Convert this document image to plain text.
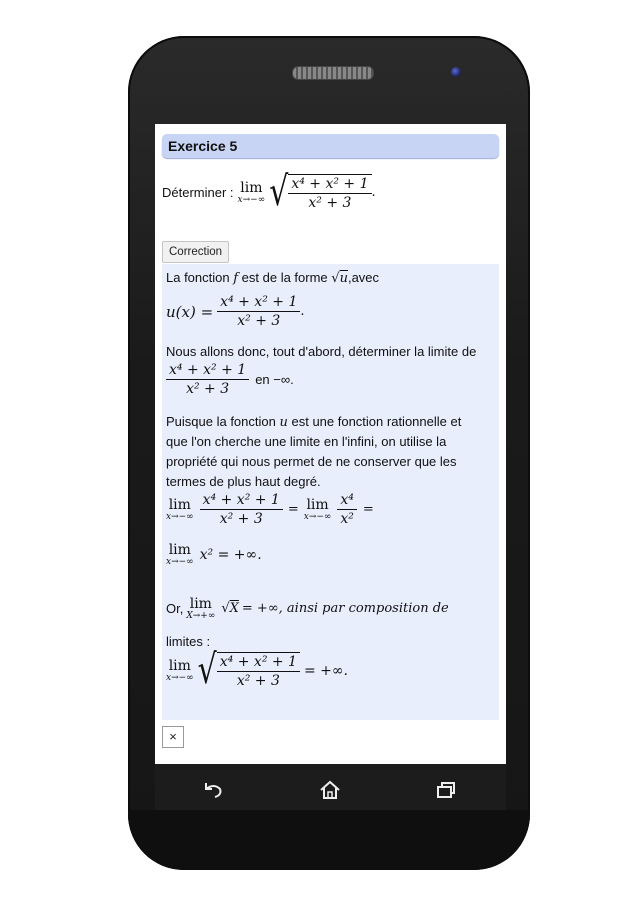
Exercice 5
Déterminer : lim
x→−∞ √ $\frac{\text{x⁴ + x² + 1}}{\text{x² + 3}}$ .
Correction
La fonction f est de la forme √u,avec
$u(x) = \frac{\text{x⁴ + x² + 1}}{\text{x² + 3}}$ .
Nous allons donc, tout d'abord, déterminer la limite de
$\frac{\text{x⁴ + x² + 1}}{\text{x² + 3}}$ en −∞.
Puisque la fonction u est une fonction rationnelle et
que l'on cherche une limite en l'infini, on utilise la
propriété qui nous permet de ne conserver que les
termes de plus haut degré.
lim
$x\to-\infty \frac{\text{x⁴ + x² + 1}}{\text{x² + 3}} = \lim$
$x\to-\infty \frac{\text{x⁴}}{\text{x²}}$ =
lim
x→−∞ x² = +∞.
Or, lim
X→+∞ √X = +∞, ainsi par composition de
limites :
lim
x→−∞ √ $\frac{\text{x⁴ + x² + 1}}{\text{x² + 3}}$ = +∞.
×
